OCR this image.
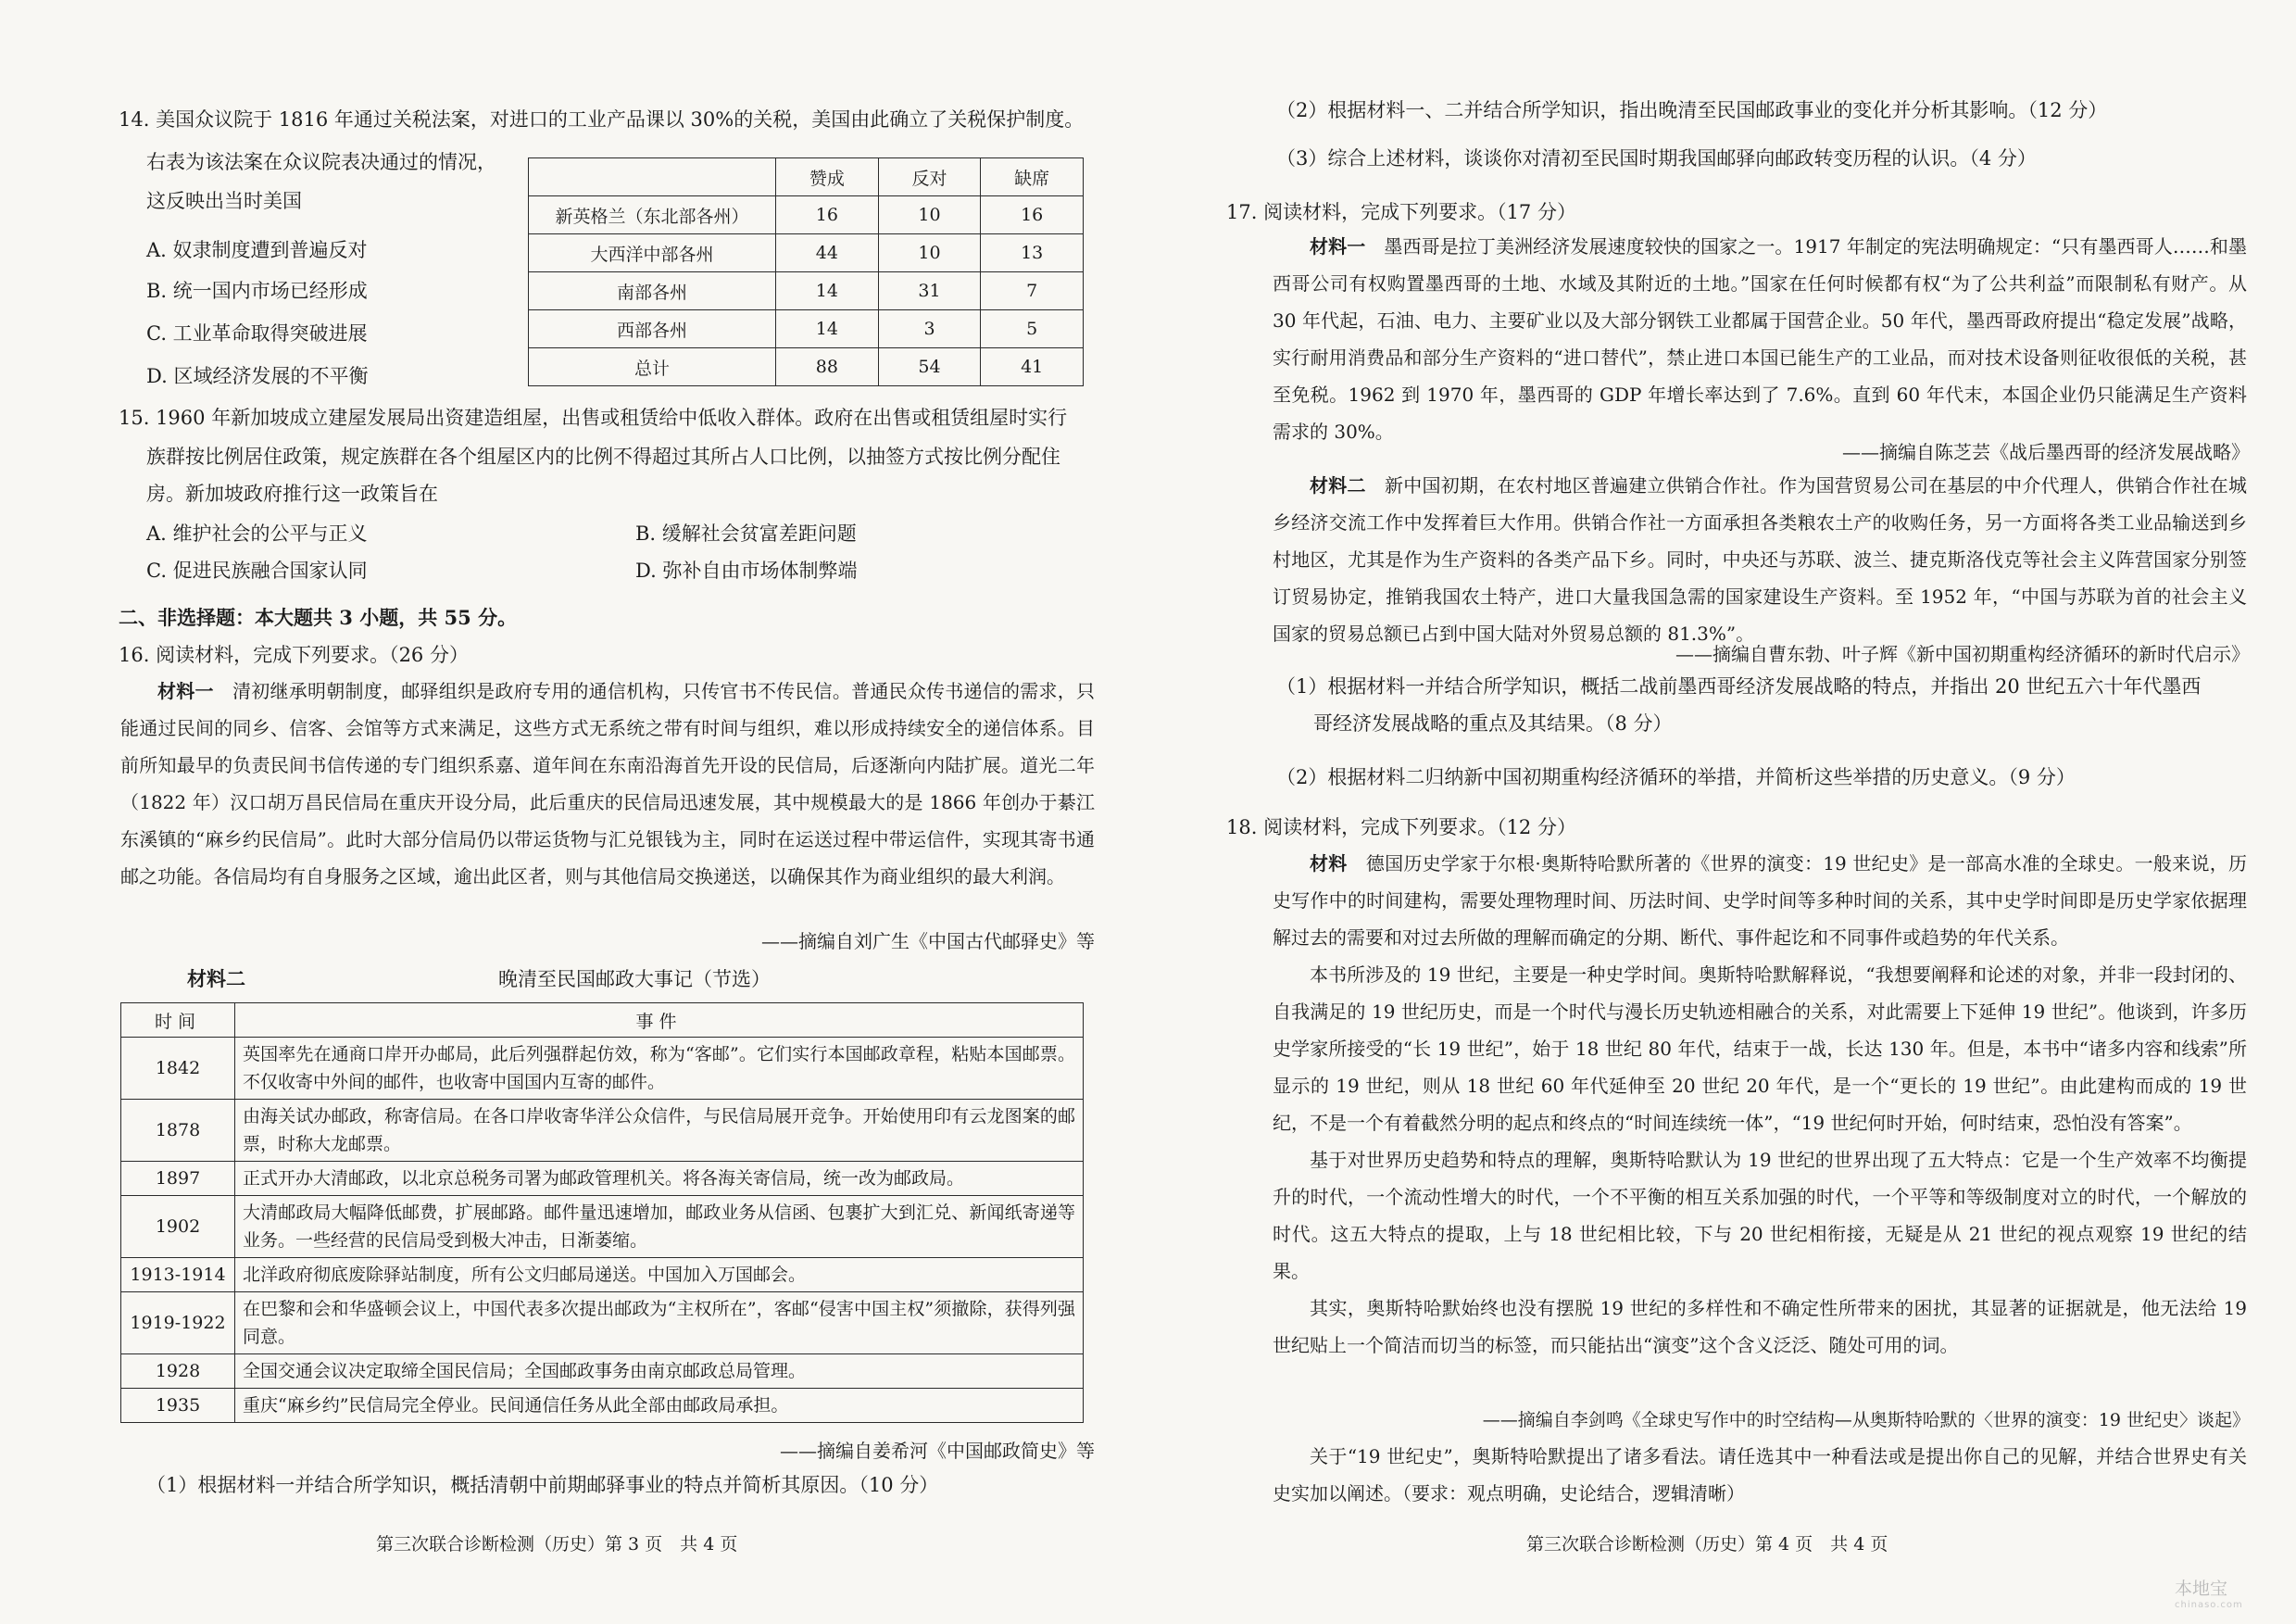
14. 美国众议院于 1816 年通过关税法案，对进口的工业产品课以 30%的关税，美国由此确立了关税保护制度。
右表为该法案在众议院表决通过的情况，
这反映出当时美国
A. 奴隶制度遭到普遍反对
B. 统一国内市场已经形成
C. 工业革命取得突破进展
D. 区域经济发展的不平衡
	赞成	反对	缺席
新英格兰（东北部各州）	16	10	16
大西洋中部各州	44	10	13
南部各州	14	31	7
西部各州	14	3	5
总计	88	54	41
15. 1960 年新加坡成立建屋发展局出资建造组屋，出售或租赁给中低收入群体。政府在出售或租赁组屋时实行
族群按比例居住政策，规定族群在各个组屋区内的比例不得超过其所占人口比例，以抽签方式按比例分配住
房。新加坡政府推行这一政策旨在
A. 维护社会的公平与正义	B. 缓解社会贫富差距问题
C. 促进民族融合国家认同	D. 弥补自由市场体制弊端
二、非选择题：本大题共 3 小题，共 55 分。
16. 阅读材料，完成下列要求。（26 分）

材料一　 清初继承明朝制度，邮驿组织是政府专用的通信机构，只传官书不传民信。普通民众传书递信的需求，只能通过民间的同乡、信客、会馆等方式来满足，这些方式无系统之带有时间与组织，难以形成持续安全的递信体系。目前所知最早的负责民间书信传递的专门组织系嘉、道年间在东南沿海首先开设的民信局，后逐渐向内陆扩展。道光二年（1822 年）汉口胡万昌民信局在重庆开设分局，此后重庆的民信局迅速发展，其中规模最大的是 1866 年创办于綦江东溪镇的“麻乡约民信局”。此时大部分信局仍以带运货物与汇兑银钱为主，同时在运送过程中带运信件，实现其寄书通邮之功能。各信局均有自身服务之区域，逾出此区者，则与其他信局交换递送，以确保其作为商业组织的最大利润。

——摘编自刘广生《中国古代邮驿史》等
材料二	晚清至民国邮政大事记（节选）
时间	事件
1842	英国率先在通商口岸开办邮局，此后列强群起仿效，称为“客邮”。它们实行本国邮政章程，粘贴本国邮票。不仅收寄中外间的邮件，也收寄中国国内互寄的邮件。
1878	由海关试办邮政，称寄信局。在各口岸收寄华洋公众信件，与民信局展开竞争。开始使用印有云龙图案的邮票，时称大龙邮票。
1897	正式开办大清邮政，以北京总税务司署为邮政管理机关。将各海关寄信局，统一改为邮政局。
1902	大清邮政局大幅降低邮费，扩展邮路。邮件量迅速增加，邮政业务从信函、包裹扩大到汇兑、新闻纸寄递等业务。一些经营的民信局受到极大冲击，日渐萎缩。
1913-1914	北洋政府彻底废除驿站制度，所有公文归邮局递送。中国加入万国邮会。
1919-1922	在巴黎和会和华盛顿会议上，中国代表多次提出邮政为“主权所在”，客邮“侵害中国主权”须撤除，获得列强同意。
1928	全国交通会议决定取缔全国民信局；全国邮政事务由南京邮政总局管理。
1935	重庆“麻乡约”民信局完全停业。民间通信任务从此全部由邮政局承担。
——摘编自姜希河《中国邮政简史》等
（1）根据材料一并结合所学知识，概括清朝中前期邮驿事业的特点并简析其原因。（10 分）
第三次联合诊断检测（历史）第 3 页　共 4 页
（2）根据材料一、二并结合所学知识，指出晚清至民国邮政事业的变化并分析其影响。（12 分）
（3）综合上述材料，谈谈你对清初至民国时期我国邮驿向邮政转变历程的认识。（4 分）
17. 阅读材料，完成下列要求。（17 分）

材料一　 墨西哥是拉丁美洲经济发展速度较快的国家之一。1917 年制定的宪法明确规定：“只有墨西哥人……和墨西哥公司有权购置墨西哥的土地、水域及其附近的土地。”国家在任何时候都有权“为了公共利益”而限制私有财产。从 30 年代起，石油、电力、主要矿业以及大部分钢铁工业都属于国营企业。50 年代，墨西哥政府提出“稳定发展”战略，实行耐用消费品和部分生产资料的“进口替代”，禁止进口本国已能生产的工业品，而对技术设备则征收很低的关税，甚至免税。1962 到 1970 年，墨西哥的 GDP 年增长率达到了 7.6%。直到 60 年代末，本国企业仍只能满足生产资料需求的 30%。

——摘编自陈芝芸《战后墨西哥的经济发展战略》

材料二　 新中国初期，在农村地区普遍建立供销合作社。作为国营贸易公司在基层的中介代理人，供销合作社在城乡经济交流工作中发挥着巨大作用。供销合作社一方面承担各类粮农土产的收购任务，另一方面将各类工业品输送到乡村地区，尤其是作为生产资料的各类产品下乡。同时，中央还与苏联、波兰、捷克斯洛伐克等社会主义阵营国家分别签订贸易协定，推销我国农土特产，进口大量我国急需的国家建设生产资料。至 1952 年，“中国与苏联为首的社会主义国家的贸易总额已占到中国大陆对外贸易总额的 81.3%”。

——摘编自曹东勃、叶子辉《新中国初期重构经济循环的新时代启示》
（1）根据材料一并结合所学知识，概括二战前墨西哥经济发展战略的特点，并指出 20 世纪五六十年代墨西
哥经济发展战略的重点及其结果。（8 分）
（2）根据材料二归纳新中国初期重构经济循环的举措，并简析这些举措的历史意义。（9 分）
18. 阅读材料，完成下列要求。（12 分）

材料　 德国历史学家于尔根·奥斯特哈默所著的《世界的演变：19 世纪史》是一部高水准的全球史。一般来说，历史写作中的时间建构，需要处理物理时间、历法时间、史学时间等多种时间的关系，其中史学时间即是历史学家依据理解过去的需要和对过去所做的理解而确定的分期、断代、事件起讫和不同事件或趋势的年代关系。

本书所涉及的 19 世纪，主要是一种史学时间。奥斯特哈默解释说，“我想要阐释和论述的对象，并非一段封闭的、自我满足的 19 世纪历史，而是一个时代与漫长历史轨迹相融合的关系，对此需要上下延伸 19 世纪”。他谈到，许多历史学家所接受的“长 19 世纪”，始于 18 世纪 80 年代，结束于一战，长达 130 年。但是，本书中“诸多内容和线索”所显示的 19 世纪，则从 18 世纪 60 年代延伸至 20 世纪 20 年代，是一个“更长的 19 世纪”。由此建构而成的 19 世纪，不是一个有着截然分明的起点和终点的“时间连续统一体”，“19 世纪何时开始，何时结束，恐怕没有答案”。

基于对世界历史趋势和特点的理解，奥斯特哈默认为 19 世纪的世界出现了五大特点：它是一个生产效率不均衡提升的时代，一个流动性增大的时代，一个不平衡的相互关系加强的时代，一个平等和等级制度对立的时代，一个解放的时代。这五大特点的提取，上与 18 世纪相比较，下与 20 世纪相衔接，无疑是从 21 世纪的视点观察 19 世纪的结果。

其实，奥斯特哈默始终也没有摆脱 19 世纪的多样性和不确定性所带来的困扰，其显著的证据就是，他无法给 19 世纪贴上一个简洁而切当的标签，而只能拈出“演变”这个含义泛泛、随处可用的词。

——摘编自李剑鸣《全球史写作中的时空结构—从奥斯特哈默的〈世界的演变：19 世纪史〉谈起》

关于“19 世纪史”，奥斯特哈默提出了诸多看法。请任选其中一种看法或是提出你自己的见解，并结合世界史有关史实加以阐述。（要求：观点明确，史论结合，逻辑清晰）

第三次联合诊断检测（历史）第 4 页　共 4 页
本地宝
chinaso.com
